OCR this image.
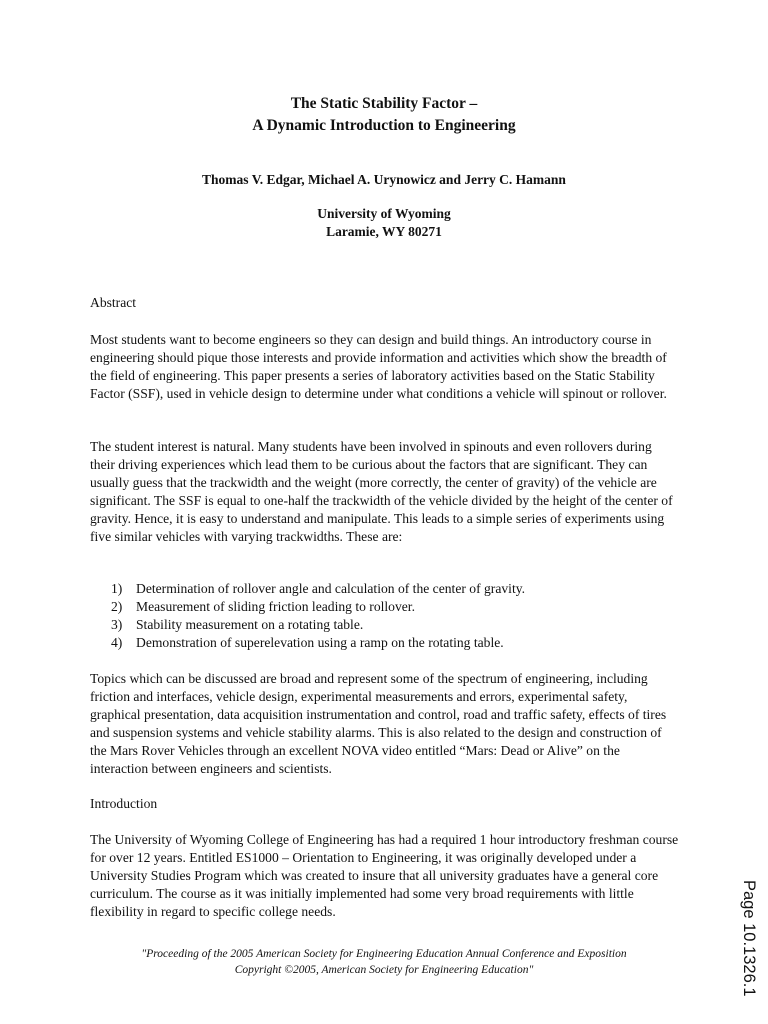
The Static Stability Factor –
A Dynamic Introduction to Engineering
Thomas V. Edgar, Michael A. Urynowicz and Jerry C. Hamann
University of Wyoming
Laramie, WY 80271
Abstract

Most students want to become engineers so they can design and build things. An introductory course in engineering should pique those interests and provide information and activities which show the breadth of the field of engineering. This paper presents a series of laboratory activities based on the Static Stability Factor (SSF), used in vehicle design to determine under what conditions a vehicle will spinout or rollover.

The student interest is natural. Many students have been involved in spinouts and even rollovers during their driving experiences which lead them to be curious about the factors that are significant. They can usually guess that the trackwidth and the weight (more correctly, the center of gravity) of the vehicle are significant. The SSF is equal to one-half the trackwidth of the vehicle divided by the height of the center of gravity. Hence, it is easy to understand and manipulate. This leads to a simple series of experiments using five similar vehicles with varying trackwidths. These are:

1) Determination of rollover angle and calculation of the center of gravity.
2) Measurement of sliding friction leading to rollover.
3) Stability measurement on a rotating table.
4) Demonstration of superelevation using a ramp on the rotating table.

Topics which can be discussed are broad and represent some of the spectrum of engineering, including friction and interfaces, vehicle design, experimental measurements and errors, experimental safety, graphical presentation, data acquisition instrumentation and control, road and traffic safety, effects of tires and suspension systems and vehicle stability alarms. This is also related to the design and construction of the Mars Rover Vehicles through an excellent NOVA video entitled “Mars: Dead or Alive” on the interaction between engineers and scientists.

Introduction

The University of Wyoming College of Engineering has had a required 1 hour introductory freshman course for over 12 years. Entitled ES1000 – Orientation to Engineering, it was originally developed under a University Studies Program which was created to insure that all university graduates have a general core curriculum. The course as it was initially implemented had some very broad requirements with little flexibility in regard to specific college needs.

"Proceeding of the 2005 American Society for Engineering Education Annual Conference and Exposition
Copyright ©2005, American Society for Engineering Education"	Page 10.1326.1
